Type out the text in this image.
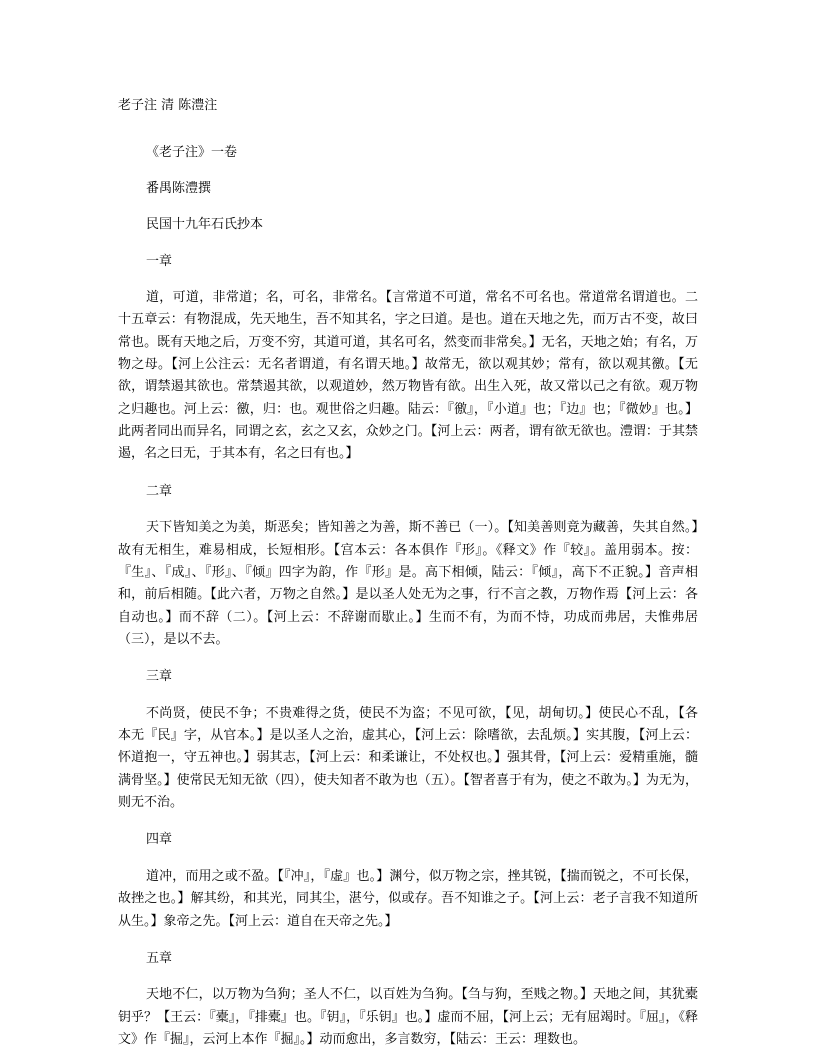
老子注 清 陈澧注
《老子注》一卷
番禺陈澧撰
民国十九年石氏抄本
一章
道，可道，非常道；名，可名，非常名。【言常道不可道，常名不可名也。常道常名谓道也。二十五章云：有物混成，先天地生，吾不知其名，字之曰道。是也。道在天地之先，而万古不变，故曰常也。既有天地之后，万变不穷，其道可道，其名可名，然变而非常矣。】无名，天地之始；有名，万物之母。【河上公注云：无名者谓道，有名谓天地。】故常无，欲以观其妙；常有，欲以观其徼。【无欲，谓禁遏其欲也。常禁遏其欲，以观道妙，然万物皆有欲。出生入死，故又常以己之有欲。观万物之归趣也。河上云：徼，归：也。观世俗之归趣。陆云：『徼』，『小道』也；『边』也；『微妙』也。】此两者同出而异名，同谓之玄，玄之又玄，众妙之门。【河上云：两者，谓有欲无欲也。澧谓：于其禁遏，名之曰无，于其本有，名之曰有也。】
二章
天下皆知美之为美，斯恶矣；皆知善之为善，斯不善已（一）。【知美善则竟为藏善，失其自然。】故有无相生，难易相成，长短相形。【宫本云：各本俱作『形』。《释文》作『较』。盖用弱本。按：『生』、『成』、『形』、『倾』四字为韵，作『形』是。高下相倾，陆云：『倾』，高下不正貌。】音声相和，前后相随。【此六者，万物之自然。】是以圣人处无为之事，行不言之教，万物作焉【河上云：各自动也。】而不辞（二）。【河上云：不辞谢而歇止。】生而不有，为而不恃，功成而弗居，夫惟弗居（三），是以不去。
三章
不尚贤，使民不争；不贵难得之货，使民不为盗；不见可欲，【见，胡甸切。】使民心不乱，【各本无『民』字，从官本。】是以圣人之治，虚其心，【河上云：除嗜欲，去乱烦。】实其腹，【河上云：怀道抱一，守五神也。】弱其志，【河上云：和柔谦让，不处权也。】强其骨，【河上云：爱精重施，髓满骨坚。】使常民无知无欲（四），使夫知者不敢为也（五）。【智者喜于有为，使之不敢为。】为无为，则无不治。
四章
道冲，而用之或不盈。【『冲』，『虚』也。】渊兮，似万物之宗，挫其锐，【揣而锐之，不可长保，故挫之也。】解其纷，和其光，同其尘，湛兮，似或存。吾不知谁之子。【河上云：老子言我不知道所从生。】象帝之先。【河上云：道自在天帝之先。】
五章
天地不仁，以万物为刍狗；圣人不仁，以百姓为刍狗。【刍与狗，至贱之物。】天地之间，其犹橐钥乎？【王云：『橐』，『排橐』也。『钥』，『乐钥』也。】虚而不屈，【河上云；无有屈竭时。『屈』，《释文》作『掘』，云河上本作『掘』。】动而愈出，多言数穷，【陆云：王云：理数也。
